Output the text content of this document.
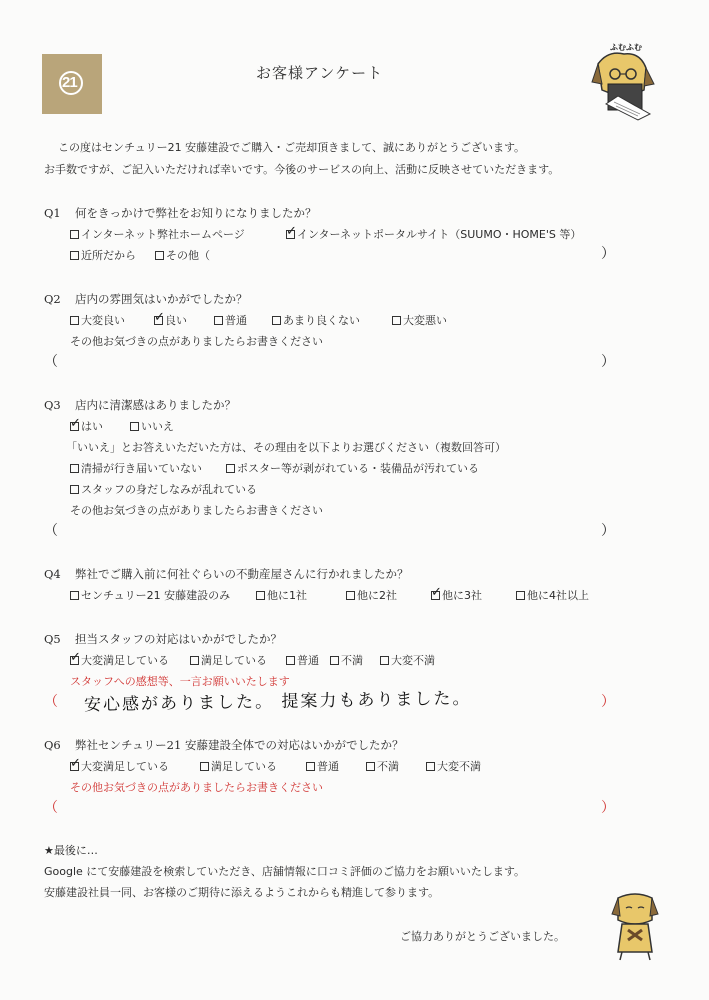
21
お客様アンケート
ふむふむ
この度はセンチュリー21 安藤建設でご購入・ご売却頂きまして、誠にありがとうございます。
お手数ですが、ご記入いただければ幸いです。今後のサービスの向上、活動に反映させていただきます。
Q1 何をきっかけで弊社をお知りになりましたか？
インターネット弊社ホームページ ✓	インターネットポータルサイト（SUUMO・HOME'S 等）
近所だから	その他（	）
Q2 店内の雰囲気はいかがでしたか？
大変良い ✓	良い	普通	あまり良くない	大変悪い
その他お気づきの点がありましたらお書きください
（	）
Q3 店内に清潔感はありましたか？
✓はい	いいえ
「いいえ」とお答えいただいた方は、その理由を以下よりお選びください（複数回答可）
清掃が行き届いていない	ポスター等が剥がれている・装備品が汚れている
スタッフの身だしなみが乱れている
その他お気づきの点がありましたらお書きください
（	）
Q4 弊社でご購入前に何社ぐらいの不動産屋さんに行かれましたか？
センチュリー21 安藤建設のみ	他に1社	他に2社 ✓	他に3社	他に4社以上
Q5 担当スタッフの対応はいかがでしたか？
✓大変満足している	満足している	普通	不満	大変不満
スタッフへの感想等、一言お願いいたします
（ 安心感がありました。 提案力もありました。	）
Q6 弊社センチュリー21 安藤建設全体での対応はいかがでしたか？
✓大変満足している	満足している	普通	不満	大変不満
その他お気づきの点がありましたらお書きください
（	）
★最後に…
Google にて安藤建設を検索していただき、店舗情報に口コミ評価のご協力をお願いいたします。
安藤建設社員一同、お客様のご期待に添えるようこれからも精進して参ります。
ご協力ありがとうございました。
